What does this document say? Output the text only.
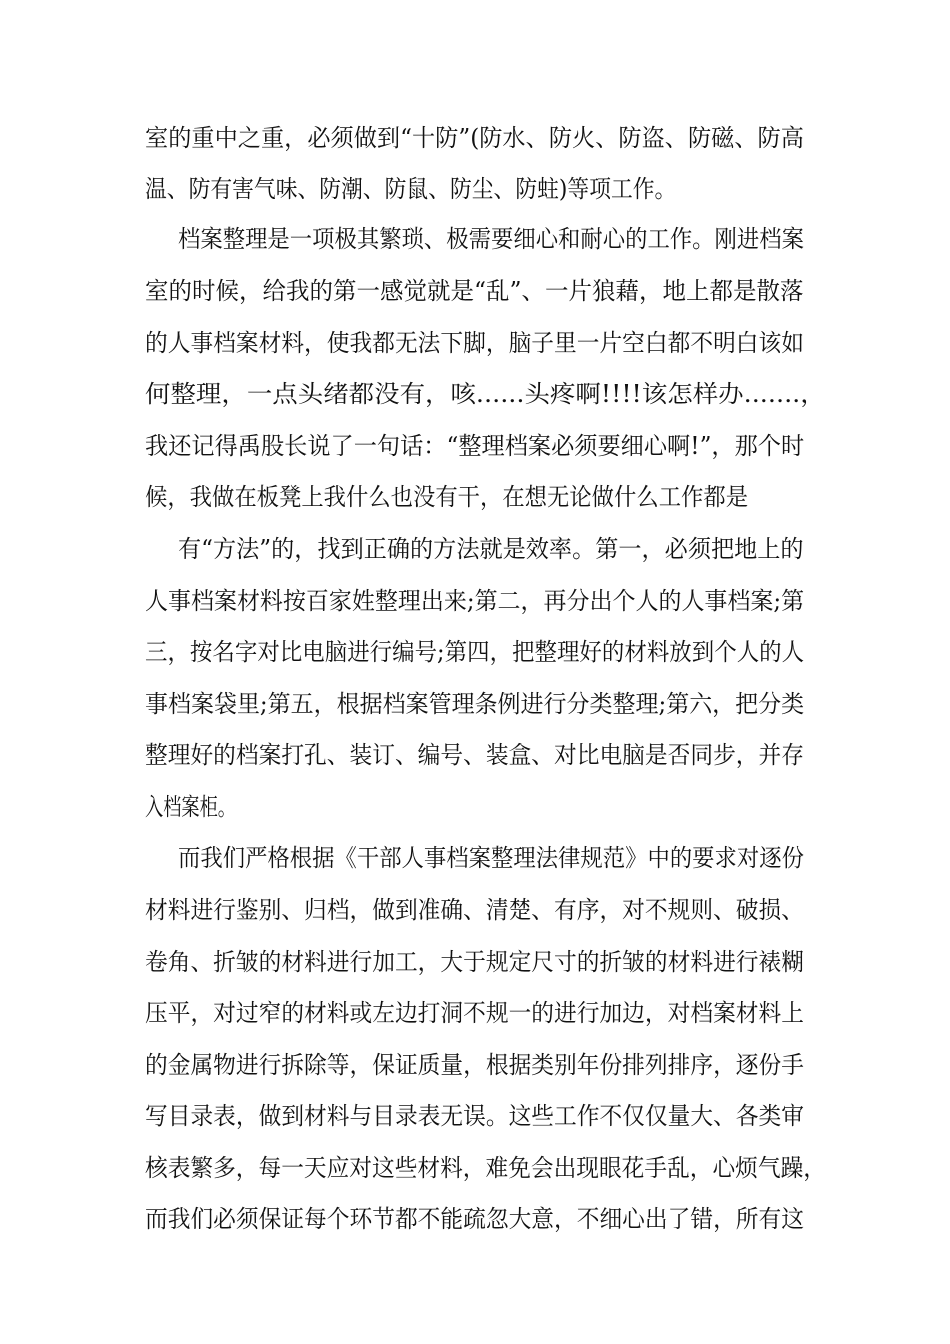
室的重中之重，必须做到“十防”(防水、防火、防盗、防磁、防高
温、防有害气味、防潮、防鼠、防尘、防蛀)等项工作。
档案整理是一项极其繁琐、极需要细心和耐心的工作。刚进档案
室的时候，给我的第一感觉就是“乱”、一片狼藉，地上都是散落
的人事档案材料，使我都无法下脚，脑子里一片空白都不明白该如
何整理，一点头绪都没有，咳......头疼啊!!!!该怎样办.......，
我还记得禹股长说了一句话：“整理档案必须要细心啊!”，那个时
候，我做在板凳上我什么也没有干，在想无论做什么工作都是
有“方法”的，找到正确的方法就是效率。第一，必须把地上的
人事档案材料按百家姓整理出来;第二，再分出个人的人事档案;第
三，按名字对比电脑进行编号;第四，把整理好的材料放到个人的人
事档案袋里;第五，根据档案管理条例进行分类整理;第六，把分类
整理好的档案打孔、装订、编号、装盒、对比电脑是否同步，并存
入档案柜。
而我们严格根据《干部人事档案整理法律规范》中的要求对逐份
材料进行鉴别、归档，做到准确、清楚、有序，对不规则、破损、
卷角、折皱的材料进行加工，大于规定尺寸的折皱的材料进行裱糊
压平，对过窄的材料或左边打洞不规一的进行加边，对档案材料上
的金属物进行拆除等，保证质量，根据类别年份排列排序，逐份手
写目录表，做到材料与目录表无误。这些工作不仅仅量大、各类审
核表繁多，每一天应对这些材料，难免会出现眼花手乱，心烦气躁，
而我们必须保证每个环节都不能疏忽大意，不细心出了错，所有这
